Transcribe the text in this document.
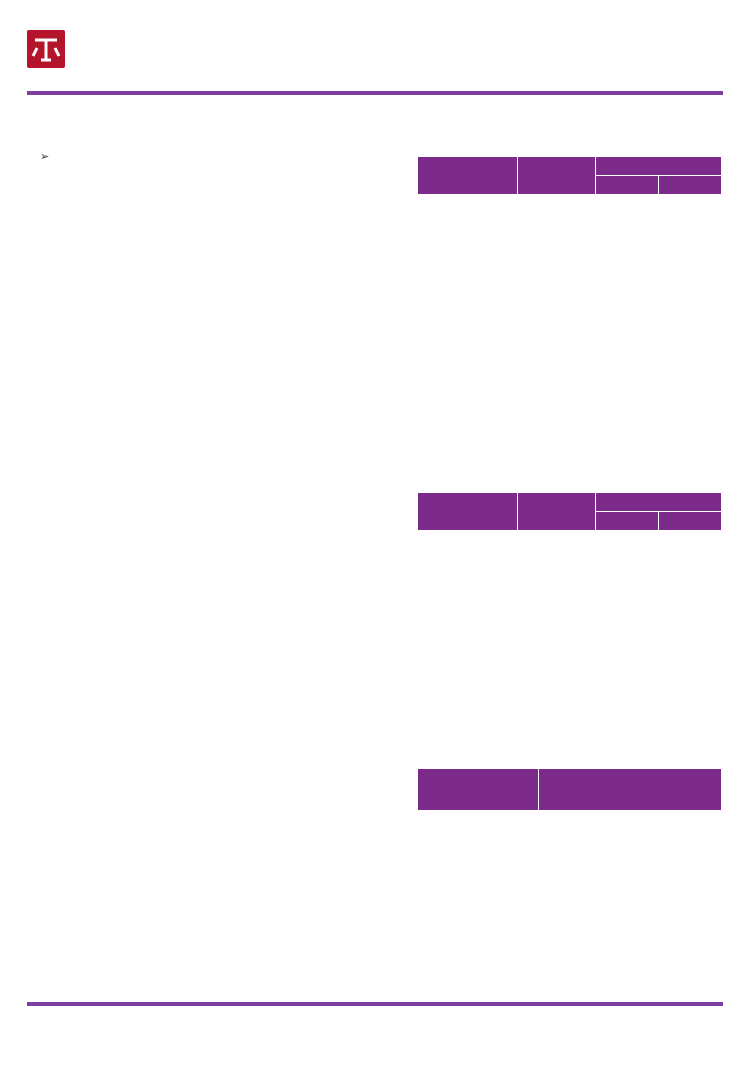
➢
